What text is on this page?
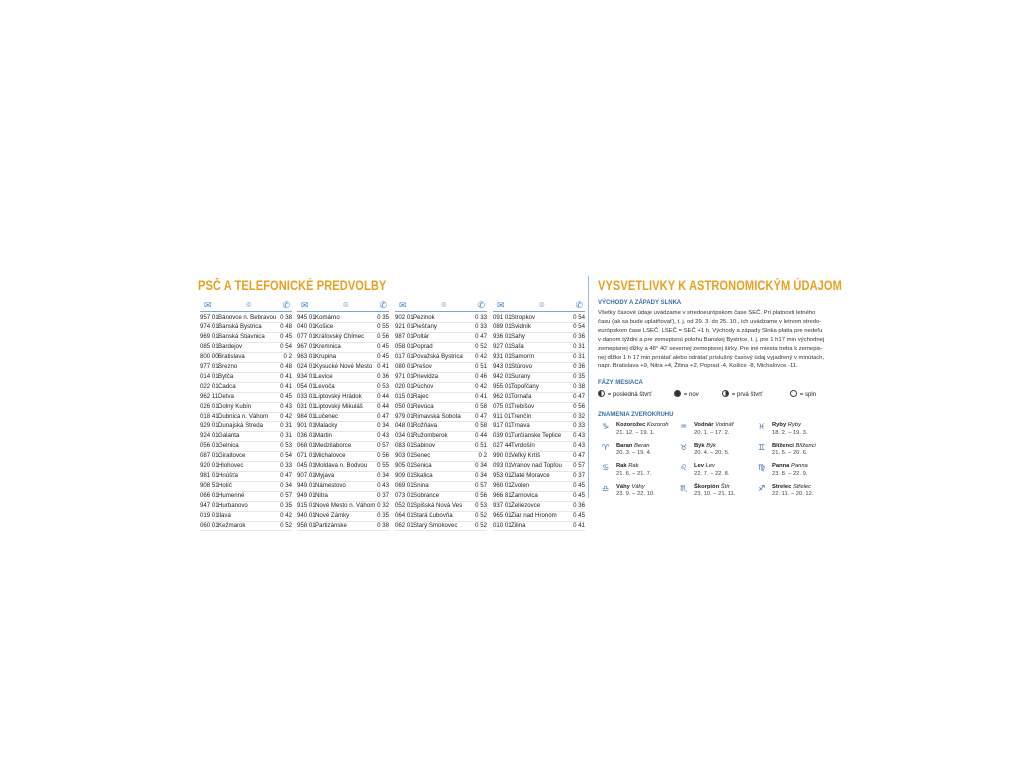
PSČ A TELEFONICKÉ PREDVOLBY
✉	⌾	✆
957 01 Bánovce n. Bebravou 0 38
974 01 Banská Bystrica	0 48
969 01 Banská Štiavnica	0 45
085 01 Bardejov	0 54
800 00 Bratislava	0 2
977 01 Brezno	0 48
014 01 Bytča	0 41
022 01 Čadca	0 41
962 11 Detva	0 45
026 01 Dolný Kubín	0 43
018 41 Dubnica n. Váhom	0 42
929 01 Dunajská Streda	0 31
924 01 Galanta	0 31
056 01 Gelnica	0 53
087 01 Giraltovce	0 54
920 01 Hlohovec	0 33
981 01 Hnúšťa	0 47
908 51 Holíč	0 34
066 01 Humenné	0 57
947 01 Hurbanovo	0 35
019 01 Ilava	0 42
060 01 Kežmarok	0 52
✉	⌾	✆
945 01 Komárno	0 35
040 01 Košice	0 55
077 01 Kráľovský Chlmec	0 56
967 01 Kremnica	0 45
963 01 Krupina	0 45
024 01 Kysucké Nové Mesto 0 41
934 01 Levice	0 36
054 01 Levoča	0 53
033 01 Liptovský Hrádok	0 44
031 01 Liptovský Mikuláš	0 44
984 01 Lučenec	0 47
901 01 Malacky	0 34
036 01 Martin	0 43
068 01 Medzilaborce	0 57
071 01 Michalovce	0 56
045 01 Moldava n. Bodvou	0 55
907 01 Myjava	0 34
949 01 Námestovo	0 43
949 01 Nitra	0 37
915 01 Nové Mesto n. Váhom 0 32
940 01 Nové Zámky	0 35
958 01 Partizánske	0 38
✉	⌾	✆
902 01 Pezinok	0 33
921 01 Piešťany	0 33
987 01 Poltár	0 47
058 01 Poprad	0 52
017 01 Považská Bystrica	0 42
080 01 Prešov	0 51
971 01 Prievidza	0 46
020 01 Púchov	0 42
015 01 Rajec	0 41
050 01 Revúca	0 58
979 01 Rimavská Sobota	0 47
048 01 Rožňava	0 58
034 01 Ružomberok	0 44
083 01 Sabinov	0 51
903 01 Senec	0 2
905 01 Senica	0 34
909 01 Skalica	0 34
069 01 Snina	0 57
073 01 Sobrance	0 56
052 01 Spišská Nová Ves	0 53
064 01 Stará Ľubovňa	0 52
062 01 Starý Smokovec	0 52
✉	⌾	✆
091 01 Stropkov	0 54
089 01 Svidník	0 54
936 01 Šahy	0 36
927 01 Šaľa	0 31
931 01 Šamorín	0 31
943 01 Štúrovo	0 36
942 01 Šurany	0 35
955 01 Topoľčany	0 38
962 01 Tornaľa	0 47
075 01 Trebišov	0 56
911 01 Trenčín	0 32
917 01 Trnava	0 33
039 01 Turčianske Teplice	0 43
027 44 Tvrdošín	0 43
990 01 Veľký Krtíš	0 47
093 01 Vranov nad Topľou	0 57
953 01 Zlaté Moravce	0 37
960 01 Zvolen	0 45
966 81 Žarnovica	0 45
937 01 Želiezovce	0 36
965 01 Žiar nad Hronom	0 45
010 01 Žilina	0 41
VYSVETLIVKY K ASTRONOMICKÝM ÚDAJOM
VÝCHODY A ZÁPADY SLNKA
Všetky časové údaje uvádzame v stredoeurópskom čase SEČ. Pri platnosti letného času (ak sa bude uplatňovať), t. j. od 29. 3. do 25. 10., ich uvádzame v letnom stredo-európskom čase LSEČ. LSEČ = SEČ +1 h. Východy a západy Slnka platia pre nedeľu v danom týždni a pre zemepisnú polohu Banskej Bystrice, t. j. pre 1 h17 min východnej zemepisnej dĺžky a 48° 40' severnej zemepisnej šírky. Pre iné miesta treba k zemepis-nej dĺžke 1 h 17 min prirátať alebo odrátať príslušný časový údaj vyjadrený v minútach, napr. Bratislava +9, Nitra +4, Žilina +2, Poprad -4, Košice -8, Michalovce -11.
FÁZY MESIACA
= posledná štvrť	= nov	= prvá štvrť	= spln
ZNAMENIA ZVEROKRUHU
♑	Kozorožec Kozoroh
21. 12. – 19. 1.
♒	Vodnár Vodnář
20. 1. – 17. 2.
♓	Ryby Ryby
18. 2. – 19. 3.
♈	Baran Beran
20. 3. – 19. 4.
♉	Býk Býk
20. 4. – 20. 5.
♊	Blíženci Blíženci
21. 5. – 20. 6.
♋	Rak Rak
21. 6. – 21. 7.
♌	Lev Lev
22. 7. – 22. 8.
♍	Panna Panna
23. 8. – 22. 9.
♎	Váhy Váhy
23. 9. – 22. 10.
♏	Škorpión Štír
23. 10. – 21. 11.
♐	Strelec Střelec
22. 11. – 20. 12.
